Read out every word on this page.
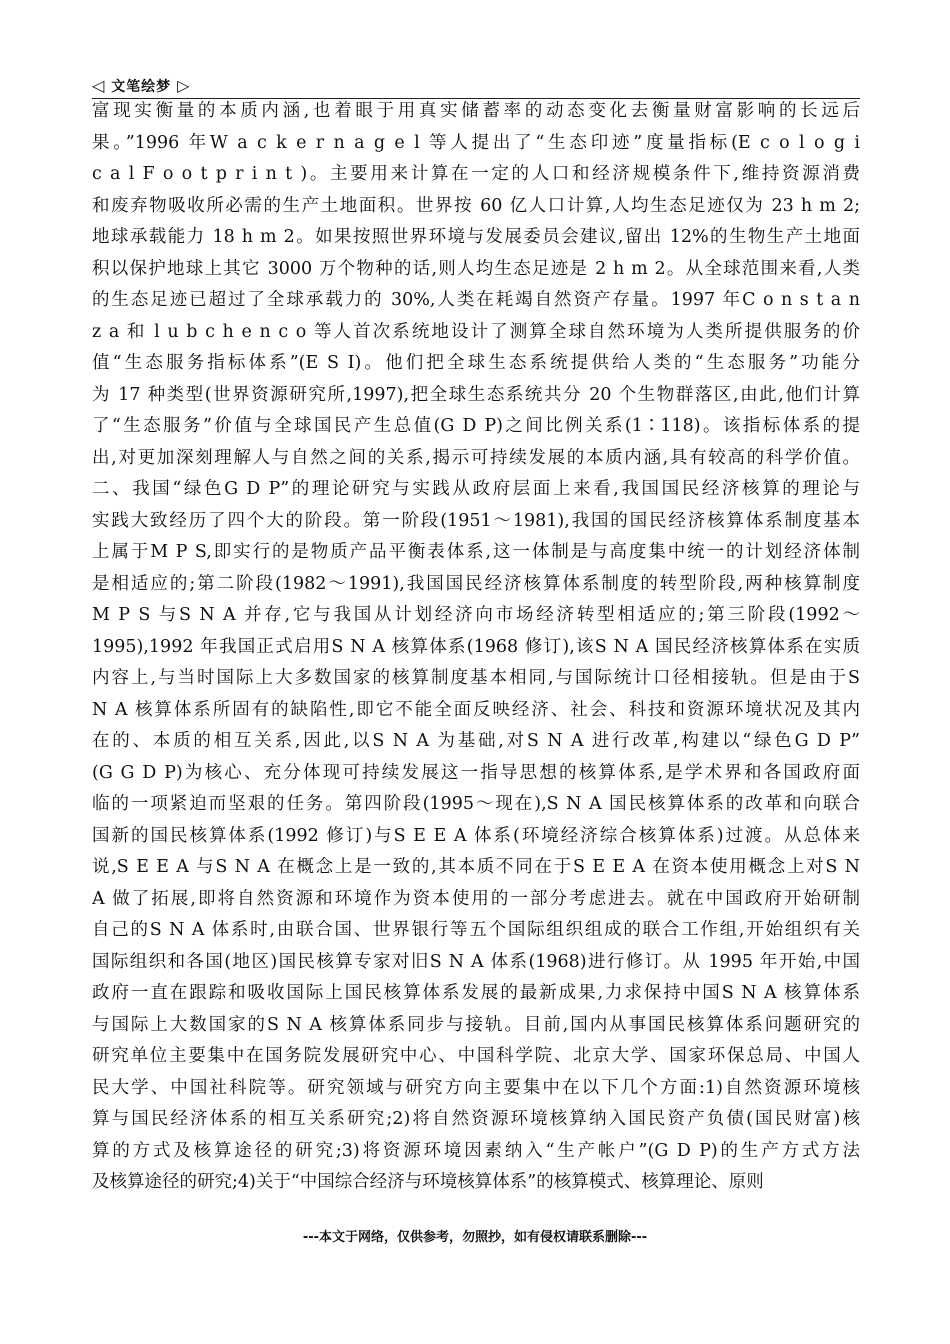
◁ 文笔绘梦 ▷
富现实衡量的本质内涵,也着眼于用真实储蓄率的动态变化去衡量财富影响的长远后
果。”1996 年W a c k e r n a g e l 等人提出了“生态印迹”度量指标(E c o l o g i
c a l F o o t p r i n t )。主要用来计算在一定的人口和经济规模条件下,维持资源消费
和废弃物吸收所必需的生产土地面积。世界按 60 亿人口计算,人均生态足迹仅为 23 h m 2;
地球承载能力 18 h m 2。如果按照世界环境与发展委员会建议,留出 12%的生物生产土地面
积以保护地球上其它 3000 万个物种的话,则人均生态足迹是 2 h m 2。从全球范围来看,人类
的生态足迹已超过了全球承载力的 30%,人类在耗竭自然资产存量。1997 年C o n s t a n
z a 和 l u b c h e n c o 等人首次系统地设计了测算全球自然环境为人类所提供服务的价
值“生态服务指标体系”(E S I)。他们把全球生态系统提供给人类的“生态服务”功能分
为 17 种类型(世界资源研究所,1997),把全球生态系统共分 20 个生物群落区,由此,他们计算
了“生态服务”价值与全球国民产生总值(G D P)之间比例关系(1∶118)。该指标体系的提
出,对更加深刻理解人与自然之间的关系,揭示可持续发展的本质内涵,具有较高的科学价值。
二、我国“绿色G D P”的理论研究与实践从政府层面上来看,我国国民经济核算的理论与
实践大致经历了四个大的阶段。第一阶段(1951～1981),我国的国民经济核算体系制度基本
上属于M P S,即实行的是物质产品平衡表体系,这一体制是与高度集中统一的计划经济体制
是相适应的;第二阶段(1982～1991),我国国民经济核算体系制度的转型阶段,两种核算制度
M P S 与S N A 并存,它与我国从计划经济向市场经济转型相适应的;第三阶段(1992～
1995),1992 年我国正式启用S N A 核算体系(1968 修订),该S N A 国民经济核算体系在实质
内容上,与当时国际上大多数国家的核算制度基本相同,与国际统计口径相接轨。但是由于S
N A 核算体系所固有的缺陷性,即它不能全面反映经济、社会、科技和资源环境状况及其内
在的、本质的相互关系,因此,以S N A 为基础,对S N A 进行改革,构建以“绿色G D P”
(G G D P)为核心、充分体现可持续发展这一指导思想的核算体系,是学术界和各国政府面
临的一项紧迫而坚艰的任务。第四阶段(1995～现在),S N A 国民核算体系的改革和向联合
国新的国民核算体系(1992 修订)与S E E A 体系(环境经济综合核算体系)过渡。从总体来
说,S E E A 与S N A 在概念上是一致的,其本质不同在于S E E A 在资本使用概念上对S N
A 做了拓展,即将自然资源和环境作为资本使用的一部分考虑进去。就在中国政府开始研制
自己的S N A 体系时,由联合国、世界银行等五个国际组织组成的联合工作组,开始组织有关
国际组织和各国(地区)国民核算专家对旧S N A 体系(1968)进行修订。从 1995 年开始,中国
政府一直在跟踪和吸收国际上国民核算体系发展的最新成果,力求保持中国S N A 核算体系
与国际上大数国家的S N A 核算体系同步与接轨。目前,国内从事国民核算体系问题研究的
研究单位主要集中在国务院发展研究中心、中国科学院、北京大学、国家环保总局、中国人
民大学、中国社科院等。研究领域与研究方向主要集中在以下几个方面:1)自然资源环境核
算与国民经济体系的相互关系研究;2)将自然资源环境核算纳入国民资产负债(国民财富)核
算的方式及核算途径的研究;3)将资源环境因素纳入“生产帐户”(G D P)的生产方式方法
及核算途径的研究;4)关于“中国综合经济与环境核算体系”的核算模式、核算理论、原则
---本文于网络，仅供参考，勿照抄，如有侵权请联系删除---
